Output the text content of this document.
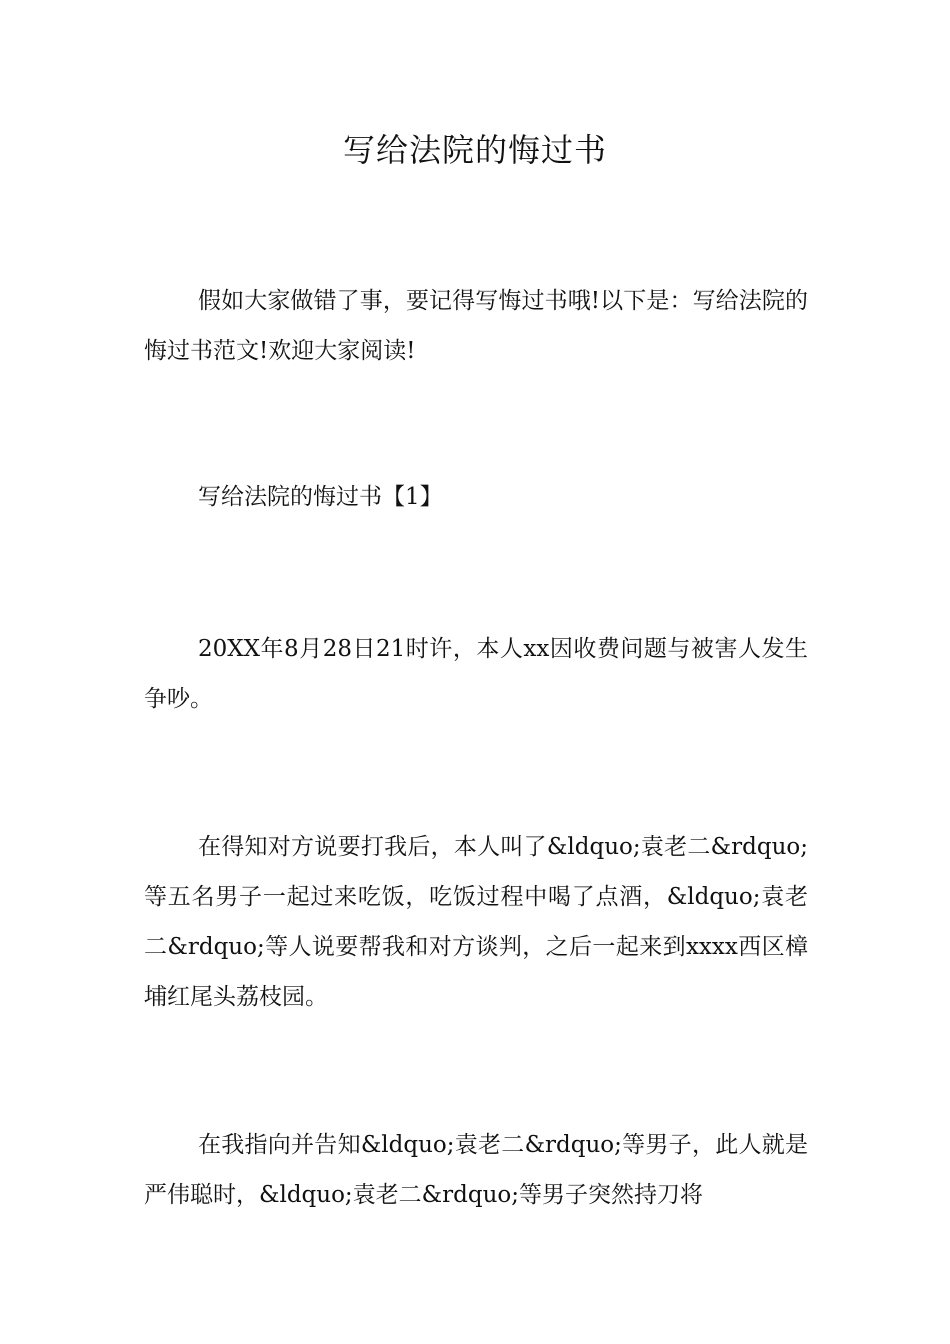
写给法院的悔过书
假如大家做错了事，要记得写悔过书哦!以下是：写给法院的悔过书范文!欢迎大家阅读!
写给法院的悔过书【1】
20XX年8月28日21时许，本人xx因收费问题与被害人发生争吵。
在得知对方说要打我后，本人叫了&ldquo;袁老二&rdquo;等五名男子一起过来吃饭，吃饭过程中喝了点酒，&ldquo;袁老二&rdquo;等人说要帮我和对方谈判，之后一起来到xxxx西区樟埔红尾头荔枝园。
在我指向并告知&ldquo;袁老二&rdquo;等男子，此人就是严伟聪时，&ldquo;袁老二&rdquo;等男子突然持刀将
